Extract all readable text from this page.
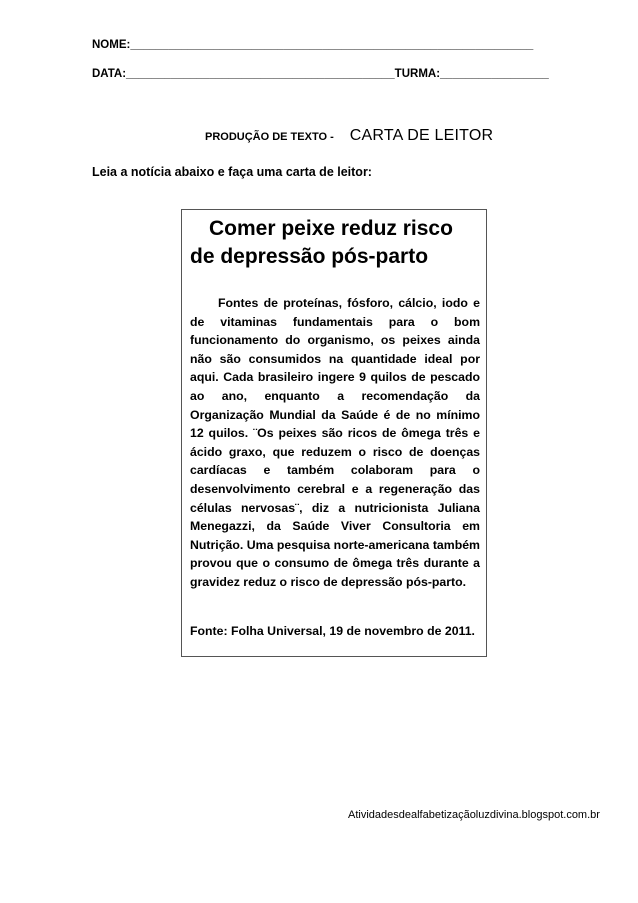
NOME:_______________________________________________________________
DATA:__________________________________________TURMA:_________________
PRODUÇÃO DE TEXTO - CARTA DE LEITOR
Leia a notícia abaixo e faça uma carta de leitor:
Comer peixe reduz risco
de depressão pós-parto

Fontes de proteínas, fósforo, cálcio, iodo e de vitaminas fundamentais para o bom funcionamento do organismo, os peixes ainda não são consumidos na quantidade ideal por aqui. Cada brasileiro ingere 9 quilos de pescado ao ano, enquanto a recomendação da Organização Mundial da Saúde é de no mínimo 12 quilos. ¨Os peixes são ricos de ômega três e ácido graxo, que reduzem o risco de doenças cardíacas e também colaboram para o desenvolvimento cerebral e a regeneração das células nervosas¨, diz a nutricionista Juliana Menegazzi, da Saúde Viver Consultoria em Nutrição. Uma pesquisa norte-americana também provou que o consumo de ômega três durante a gravidez reduz o risco de depressão pós-parto.

Fonte: Folha Universal, 19 de novembro de 2011.
Atividadesdealfabetizaçãoluzdivina.blogspot.com.br
